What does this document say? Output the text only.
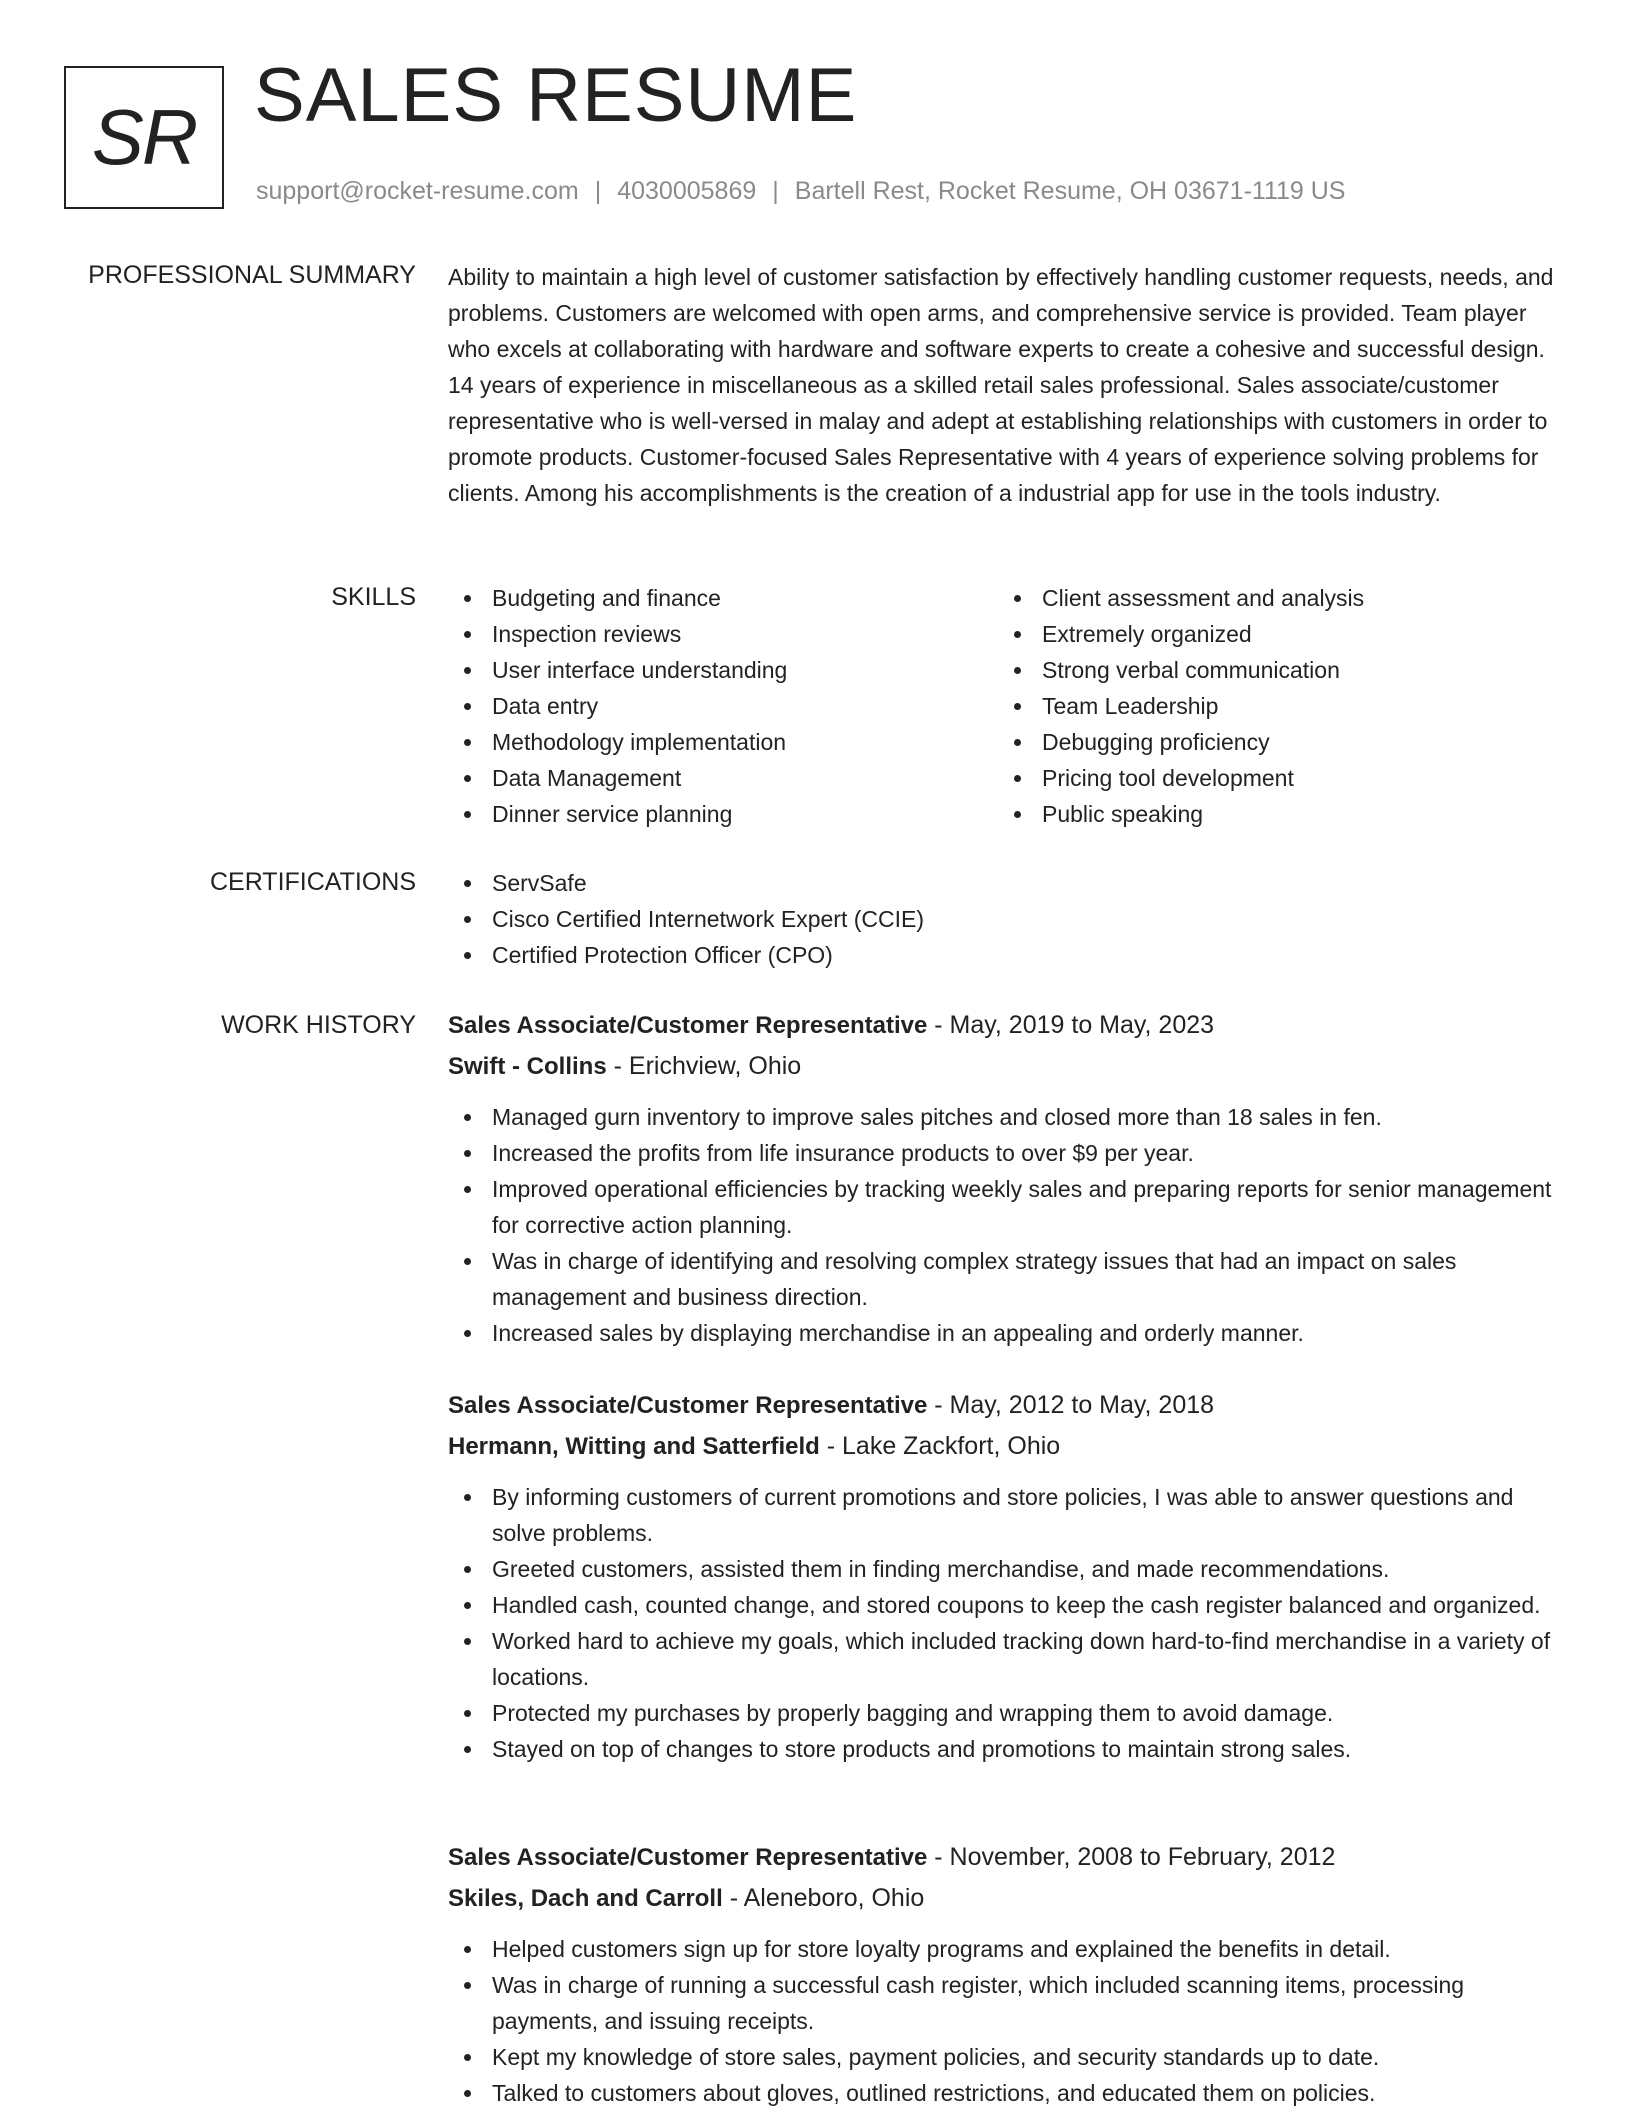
SR SALES RESUME
support@rocket-resume.com | 4030005869 | Bartell Rest, Rocket Resume, OH 03671-1119 US
PROFESSIONAL SUMMARY Ability to maintain a high level of customer satisfaction by effectively handling customer requests, needs, and problems. Customers are welcomed with open arms, and comprehensive service is provided. Team player who excels at collaborating with hardware and software experts to create a cohesive and successful design. 14 years of experience in miscellaneous as a skilled retail sales professional. Sales associate/customer representative who is well-versed in malay and adept at establishing relationships with customers in order to promote products. Customer-focused Sales Representative with 4 years of experience solving problems for clients. Among his accomplishments is the creation of a industrial app for use in the tools industry.
SKILLS	Budgeting and finance
Inspection reviews
User interface understanding
Data entry
Methodology implementation
Data Management
Dinner service planning
Client assessment and analysis
Extremely organized
Strong verbal communication
Team Leadership
Debugging proficiency
Pricing tool development
Public speaking
CERTIFICATIONS	ServSafe
Cisco Certified Internetwork Expert (CCIE)
Certified Protection Officer (CPO)
WORK HISTORY Sales Associate/Customer Representative - May, 2019 to May, 2023
Swift - Collins - Erichview, Ohio
Managed gurn inventory to improve sales pitches and closed more than 18 sales in fen.
Increased the profits from life insurance products to over $9 per year.
Improved operational efficiencies by tracking weekly sales and preparing reports for senior management for corrective action planning.
Was in charge of identifying and resolving complex strategy issues that had an impact on sales management and business direction.
Increased sales by displaying merchandise in an appealing and orderly manner.
Sales Associate/Customer Representative - May, 2012 to May, 2018
Hermann, Witting and Satterfield - Lake Zackfort, Ohio
By informing customers of current promotions and store policies, I was able to answer questions and solve problems.
Greeted customers, assisted them in finding merchandise, and made recommendations.
Handled cash, counted change, and stored coupons to keep the cash register balanced and organized.
Worked hard to achieve my goals, which included tracking down hard-to-find merchandise in a variety of locations.
Protected my purchases by properly bagging and wrapping them to avoid damage.
Stayed on top of changes to store products and promotions to maintain strong sales.
Sales Associate/Customer Representative - November, 2008 to February, 2012
Skiles, Dach and Carroll - Aleneboro, Ohio
Helped customers sign up for store loyalty programs and explained the benefits in detail.
Was in charge of running a successful cash register, which included scanning items, processing payments, and issuing receipts.
Kept my knowledge of store sales, payment policies, and security standards up to date.
Talked to customers about gloves, outlined restrictions, and educated them on policies.
